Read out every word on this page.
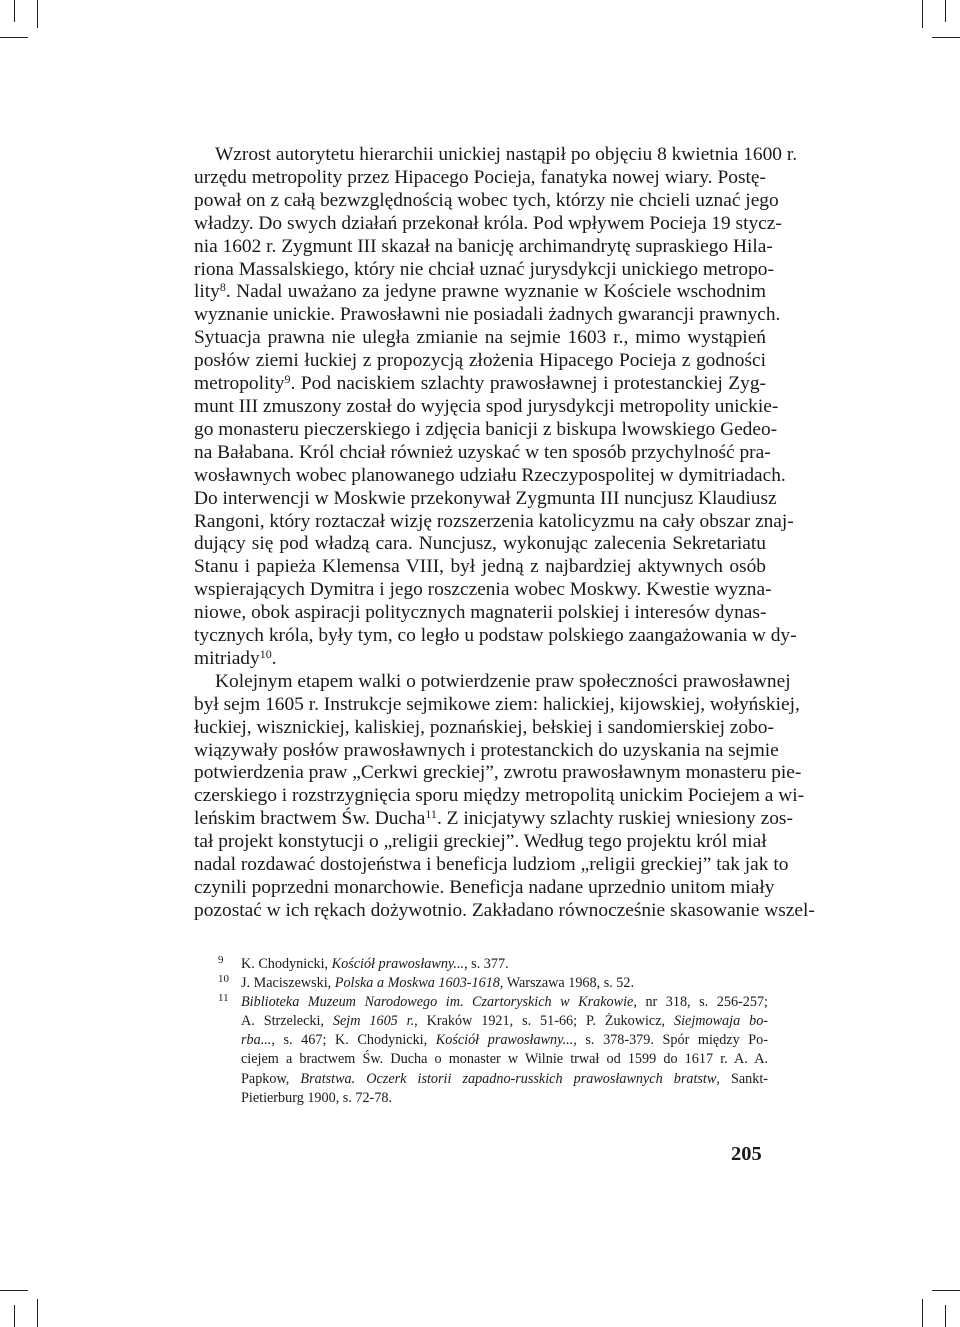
Wzrost autorytetu hierarchii unickiej nastąpił po objęciu 8 kwietnia 1600 r.
urzędu metropolity przez Hipacego Pocieja, fanatyka nowej wiary. Postę-
pował on z całą bezwzględnością wobec tych, którzy nie chcieli uznać jego
władzy. Do swych działań przekonał króla. Pod wpływem Pocieja 19 stycz-
nia 1602 r. Zygmunt III skazał na banicję archimandrytę supraskiego Hila-
riona Massalskiego, który nie chciał uznać jurysdykcji unickiego metropo-
lity$^8$. Nadal uważano za jedyne prawne wyznanie w Kościele wschodnim
wyznanie unickie. Prawosławni nie posiadali żadnych gwarancji prawnych.
Sytuacja prawna nie uległa zmianie na sejmie 1603 r., mimo wystąpień
posłów ziemi łuckiej z propozycją złożenia Hipacego Pocieja z godności
metropolity$^9$. Pod naciskiem szlachty prawosławnej i protestanckiej Zyg-
munt III zmuszony został do wyjęcia spod jurysdykcji metropolity unickie-
go monasteru pieczerskiego i zdjęcia banicji z biskupa lwowskiego Gedeo-
na Bałabana. Król chciał również uzyskać w ten sposób przychylność pra-
wosławnych wobec planowanego udziału Rzeczypospolitej w dymitriadach.
Do interwencji w Moskwie przekonywał Zygmunta III nuncjusz Klaudiusz
Rangoni, który roztaczał wizję rozszerzenia katolicyzmu na cały obszar znaj-
dujący się pod władzą cara. Nuncjusz, wykonując zalecenia Sekretariatu
Stanu i papieża Klemensa VIII, był jedną z najbardziej aktywnych osób
wspierających Dymitra i jego roszczenia wobec Moskwy. Kwestie wyzna-
niowe, obok aspiracji politycznych magnaterii polskiej i interesów dynas-
tycznych króla, były tym, co legło u podstaw polskiego zaangażowania w dy-
mitriady$^{10}$.
Kolejnym etapem walki o potwierdzenie praw społeczności prawosławnej
był sejm 1605 r. Instrukcje sejmikowe ziem: halickiej, kijowskiej, wołyńskiej,
łuckiej, wisznickiej, kaliskiej, poznańskiej, bełskiej i sandomierskiej zobo-
wiązywały posłów prawosławnych i protestanckich do uzyskania na sejmie
potwierdzenia praw „Cerkwi greckiej”, zwrotu prawosławnym monasteru pie-
czerskiego i rozstrzygnięcia sporu między metropolitą unickim Pociejem a wi-
leńskim bractwem Św. Ducha$^{11}$. Z inicjatywy szlachty ruskiej wniesiony zos-
tał projekt konstytucji o „religii greckiej”. Według tego projektu król miał
nadal rozdawać dostojeństwa i beneficja ludziom „religii greckiej” tak jak to
czynili poprzedni monarchowie. Beneficja nadane uprzednio unitom miały
pozostać w ich rękach dożywotnio. Zakładano równocześnie skasowanie wszel-
9 K. Chodynicki, Kościół prawosławny..., s. 377.
10 J. Maciszewski, Polska a Moskwa 1603-1618, Warszawa 1968, s. 52.
11 Biblioteka Muzeum Narodowego im. Czartoryskich w Krakowie, nr 318, s. 256-257;
A. Strzelecki, Sejm 1605 r., Kraków 1921, s. 51-66; P. Żukowicz, Siejmowaja bo-
rba..., s. 467; K. Chodynicki, Kościół prawosławny..., s. 378-379. Spór między Po-
ciejem a bractwem Św. Ducha o monaster w Wilnie trwał od 1599 do 1617 r. A. A.
Papkow, Bratstwa. Oczerk istorii zapadno-russkich prawosławnych bratstw, Sankt-
Pietierburg 1900, s. 72-78.
205
